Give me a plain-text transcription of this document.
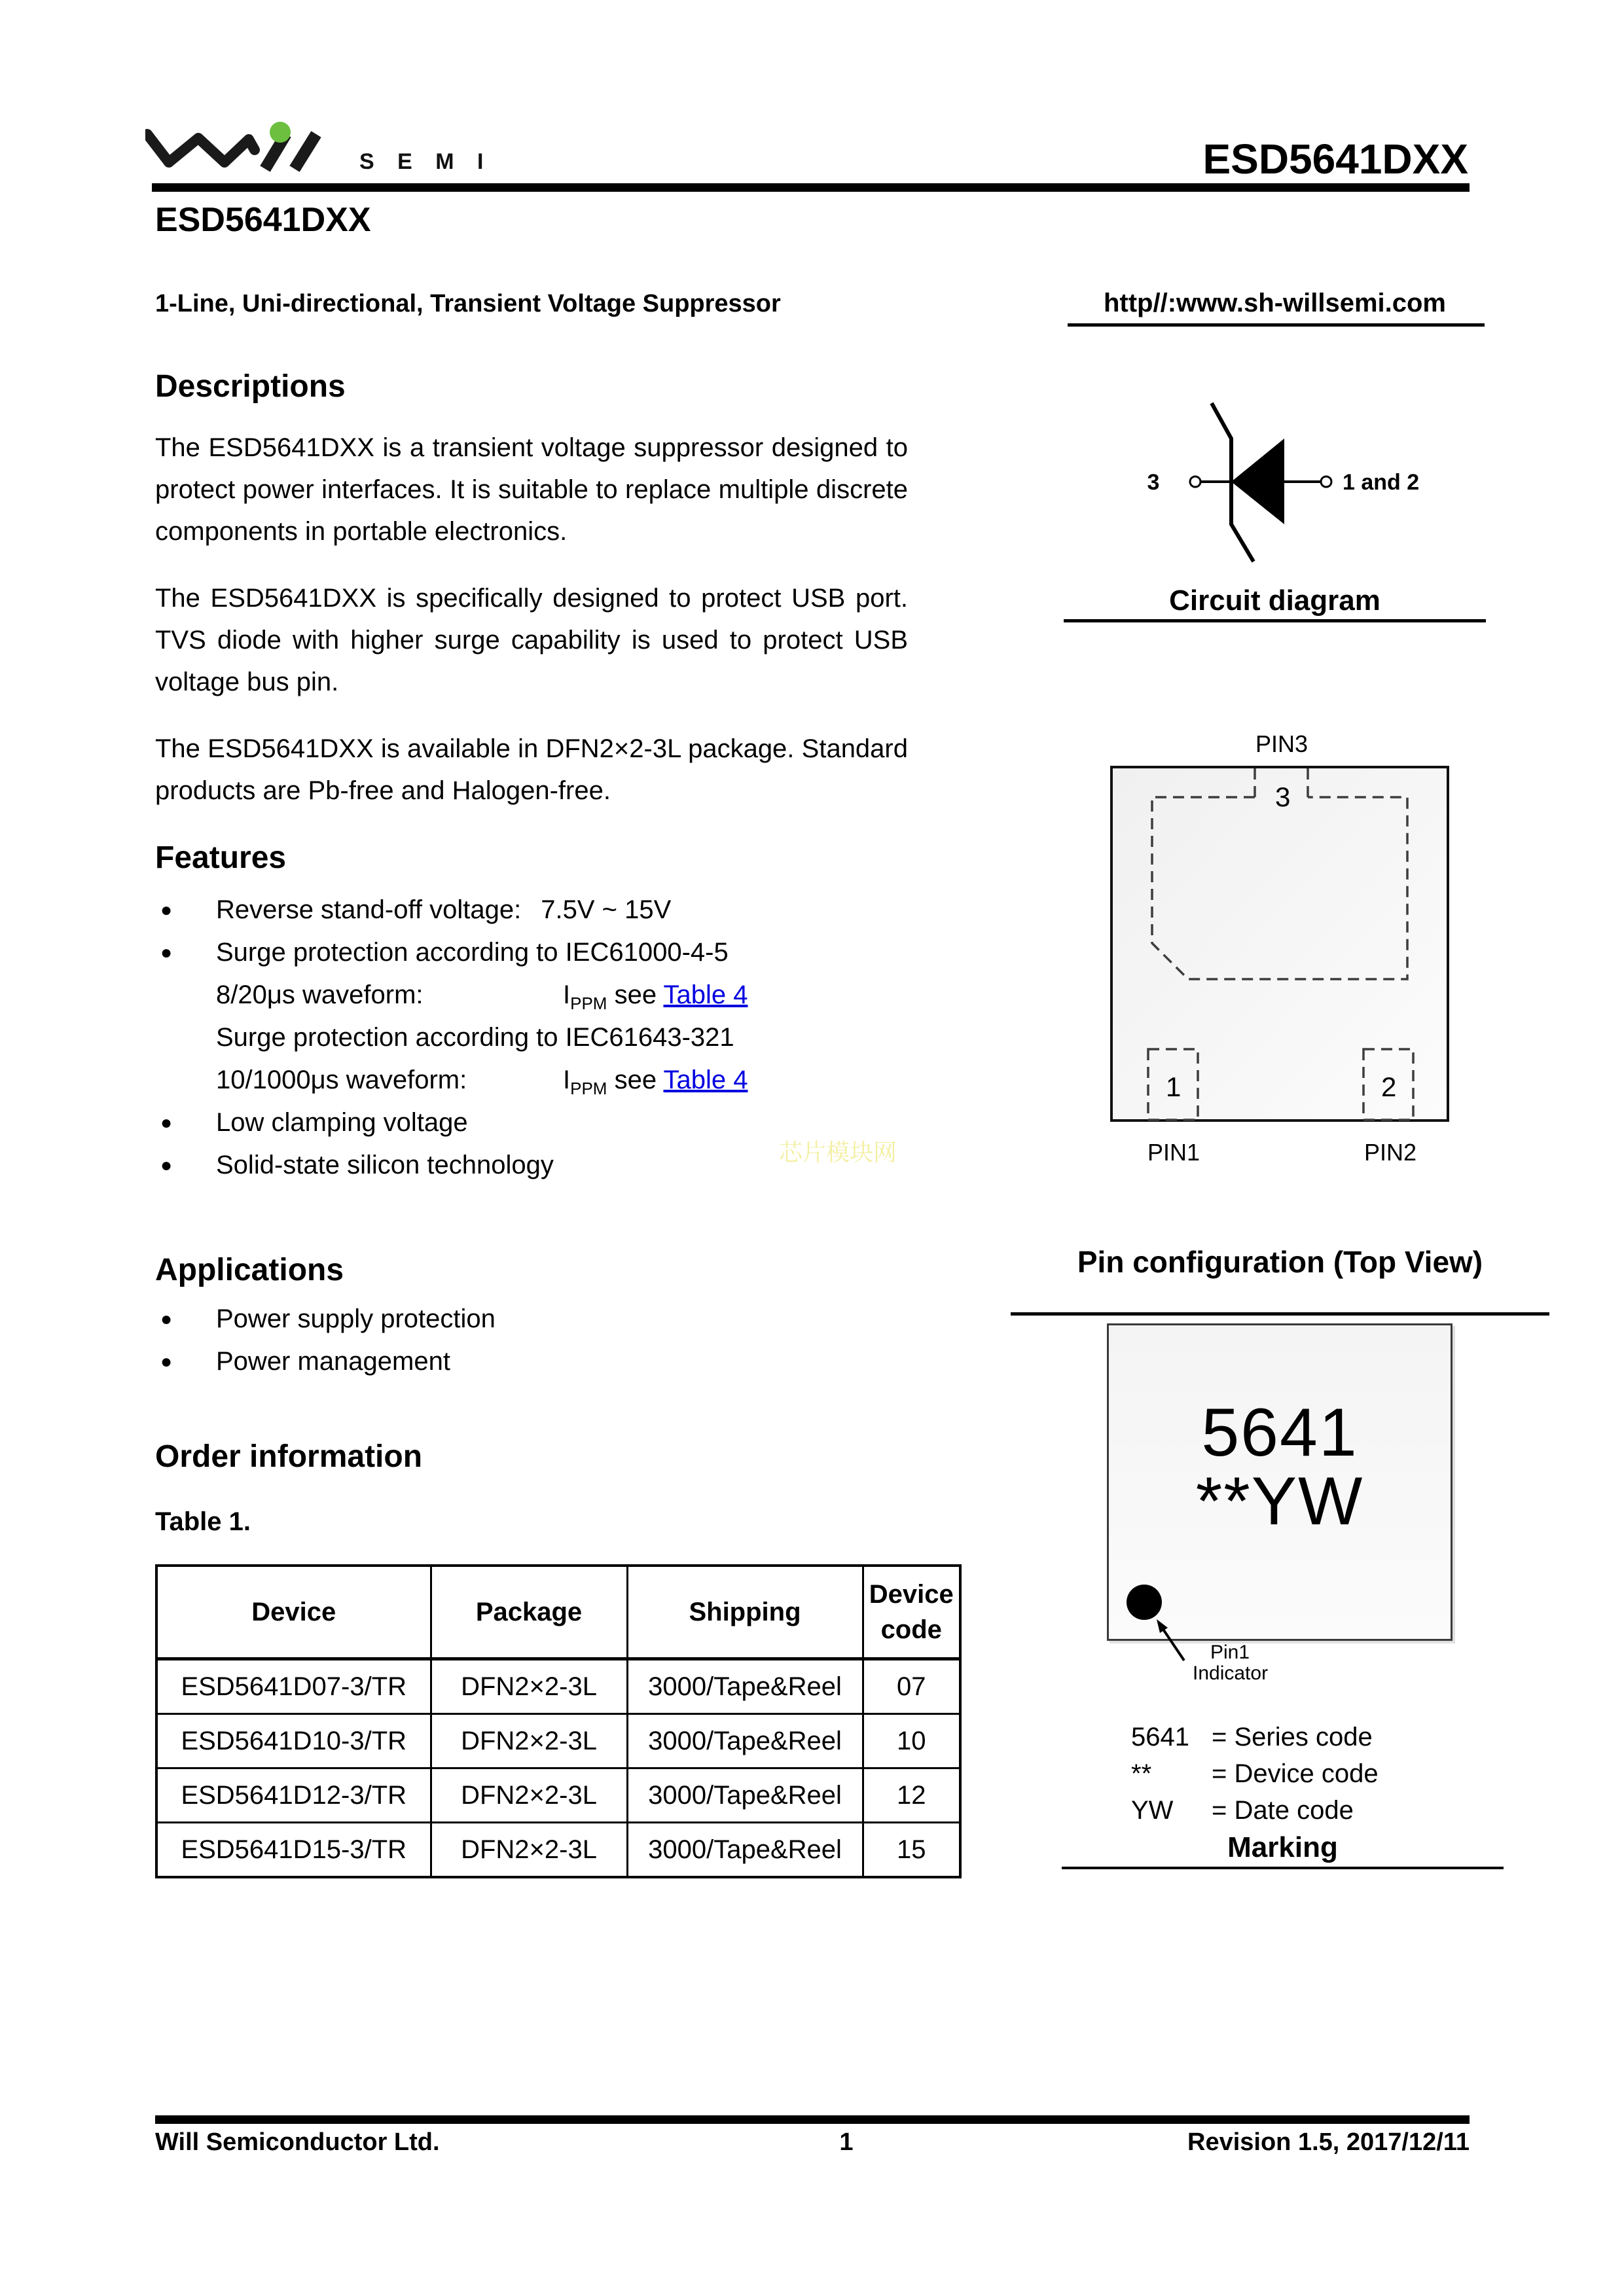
S E M I	ESD5641DXX
ESD5641DXX
1-Line, Uni-directional, Transient Voltage Suppressor	http//:www.sh-willsemi.com
Descriptions

The ESD5641DXX is a transient voltage suppressor designed to protect power interfaces. It is suitable to replace multiple discrete components in portable electronics.

The ESD5641DXX is specifically designed to protect USB port. TVS diode with higher surge capability is used to protect USB voltage bus pin.

The ESD5641DXX is available in DFN2×2-3L package. Standard products are Pb-free and Halogen-free.

Features
● Reverse stand-off voltage: 7.5V ~ 15V
● Surge protection according to IEC61000-4-5
8/20μs waveform:	$I_{PPM}$ see Table 4
Surge protection according to IEC61643-321
10/1000μs waveform:	$I_{PPM}$ see Table 4
● Low clamping voltage
● Solid-state silicon technology
Applications
● Power supply protection
● Power management
Order information
Table 1.
Device	Package	Shipping	Device code
ESD5641D07-3/TR	DFN2×2-3L	3000/Tape&Reel	07
ESD5641D10-3/TR	DFN2×2-3L	3000/Tape&Reel	10
ESD5641D12-3/TR	DFN2×2-3L	3000/Tape&Reel	12
ESD5641D15-3/TR	DFN2×2-3L	3000/Tape&Reel	15
3	1 and 2
Circuit diagram
PIN3
3
1	2
PIN1	PIN2
Pin configuration (Top View)
5641
**YW
Pin1
Indicator
5641 = Series code
** = Device code
YW = Date code
Marking
芯片模块网
Will Semiconductor Ltd.	1	Revision 1.5, 2017/12/11
